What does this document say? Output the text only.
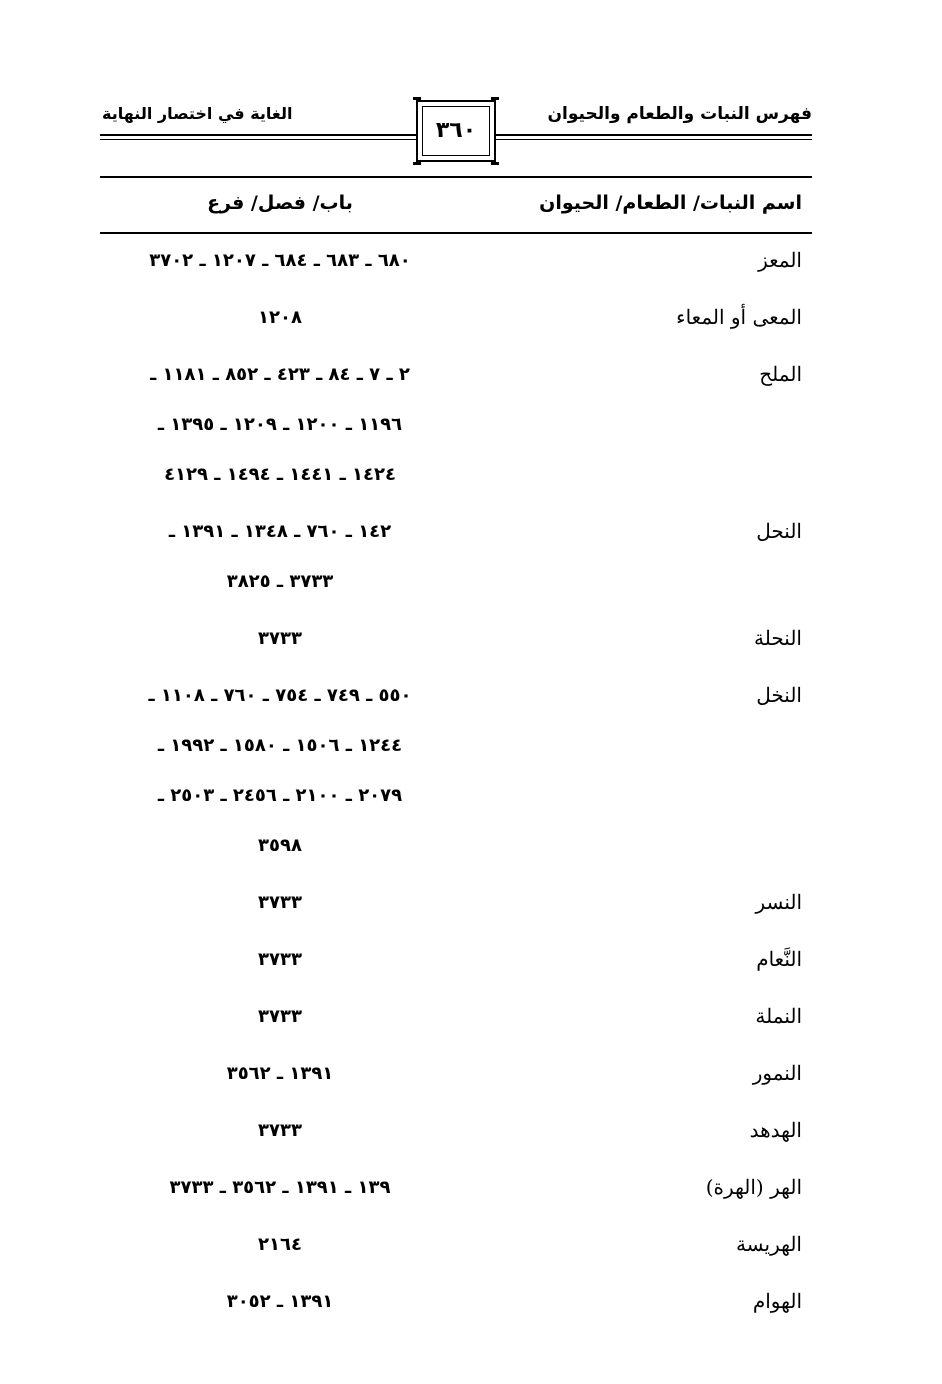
فهرس النبات والطعام والحيوان
الغاية في اختصار النهاية
٣٦٠
اسم النبات/ الطعام/ الحيوان
باب/ فصل/ فرع
المعز
٦٨٠ ـ ٦٨٣ ـ ٦٨٤ ـ ١٢٠٧ ـ ٣٧٠٢
المعى أو المعاء
١٢٠٨
الملح
٢ ـ ٧ ـ ٨٤ ـ ٤٢٣ ـ ٨٥٢ ـ ١١٨١ ـ
١١٩٦ ـ ١٢٠٠ ـ ١٢٠٩ ـ ١٣٩٥ ـ
١٤٢٤ ـ ١٤٤١ ـ ١٤٩٤ ـ ٤١٢٩
النحل
١٤٢ ـ ٧٦٠ ـ ١٣٤٨ ـ ١٣٩١ ـ
٣٧٣٣ ـ ٣٨٢٥
النحلة
٣٧٣٣
النخل
٥٥٠ ـ ٧٤٩ ـ ٧٥٤ ـ ٧٦٠ ـ ١١٠٨ ـ
١٢٤٤ ـ ١٥٠٦ ـ ١٥٨٠ ـ ١٩٩٢ ـ
٢٠٧٩ ـ ٢١٠٠ ـ ٢٤٥٦ ـ ٢٥٠٣ ـ
٣٥٩٨
النسر
٣٧٣٣
النَّعام
٣٧٣٣
النملة
٣٧٣٣
النمور
١٣٩١ ـ ٣٥٦٢
الهدهد
٣٧٣٣
الهر (الهرة)
١٣٩ ـ ١٣٩١ ـ ٣٥٦٢ ـ ٣٧٣٣
الهريسة
٢١٦٤
الهوام
١٣٩١ ـ ٣٠٥٢
